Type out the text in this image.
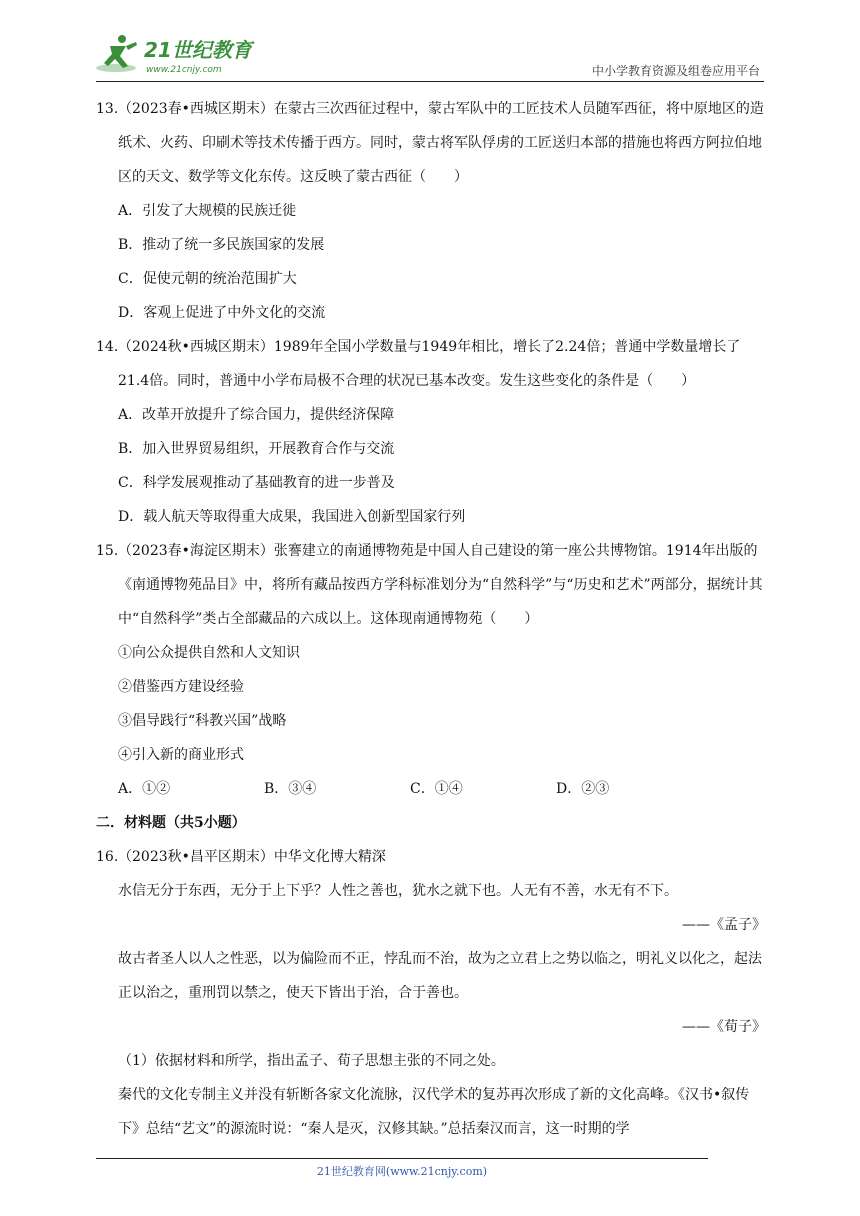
21世纪教育
www.21cnjy.com	中小学教育资源及组卷应用平台

13.（2023春•西城区期末）在蒙古三次西征过程中，蒙古军队中的工匠技术人员随军西征，将中原地区的造纸术、火药、印刷术等技术传播于西方。同时，蒙古将军队俘虏的工匠送归本部的措施也将西方阿拉伯地区的天文、数学等文化东传。这反映了蒙古西征（　　）

A．引发了大规模的民族迁徙

B．推动了统一多民族国家的发展

C．促使元朝的统治范围扩大

D．客观上促进了中外文化的交流

14.（2024秋•西城区期末）1989年全国小学数量与1949年相比，增长了2.24倍；普通中学数量增长了21.4倍。同时，普通中小学布局极不合理的状况已基本改变。发生这些变化的条件是（　　）

A．改革开放提升了综合国力，提供经济保障

B．加入世界贸易组织，开展教育合作与交流

C．科学发展观推动了基础教育的进一步普及

D．载人航天等取得重大成果，我国进入创新型国家行列

15.（2023春•海淀区期末）张謇建立的南通博物苑是中国人自己建设的第一座公共博物馆。1914年出版的《南通博物苑品目》中，将所有藏品按西方学科标准划分为“自然科学”与“历史和艺术”两部分，据统计其中“自然科学”类占全部藏品的六成以上。这体现南通博物苑（　　）

①向公众提供自然和人文知识

②借鉴西方建设经验

③倡导践行“科教兴国”战略

④引入新的商业形式

A．①②	B．③④	C．①④	D．②③

二．材料题（共5小题）

16.（2023秋•昌平区期末）中华文化博大精深

水信无分于东西，无分于上下乎？人性之善也，犹水之就下也。人无有不善，水无有不下。

——《孟子》

故古者圣人以人之性恶，以为偏险而不正，悖乱而不治，故为之立君上之势以临之，明礼义以化之，起法正以治之，重刑罚以禁之，使天下皆出于治，合于善也。

——《荀子》

（1）依据材料和所学，指出孟子、荀子思想主张的不同之处。

秦代的文化专制主义并没有斩断各家文化流脉，汉代学术的复苏再次形成了新的文化高峰。《汉书•叙传下》总结“艺文”的源流时说：“秦人是灭，汉修其缺。”总括秦汉而言，这一时期的学

21世纪教育网(www.21cnjy.com)
